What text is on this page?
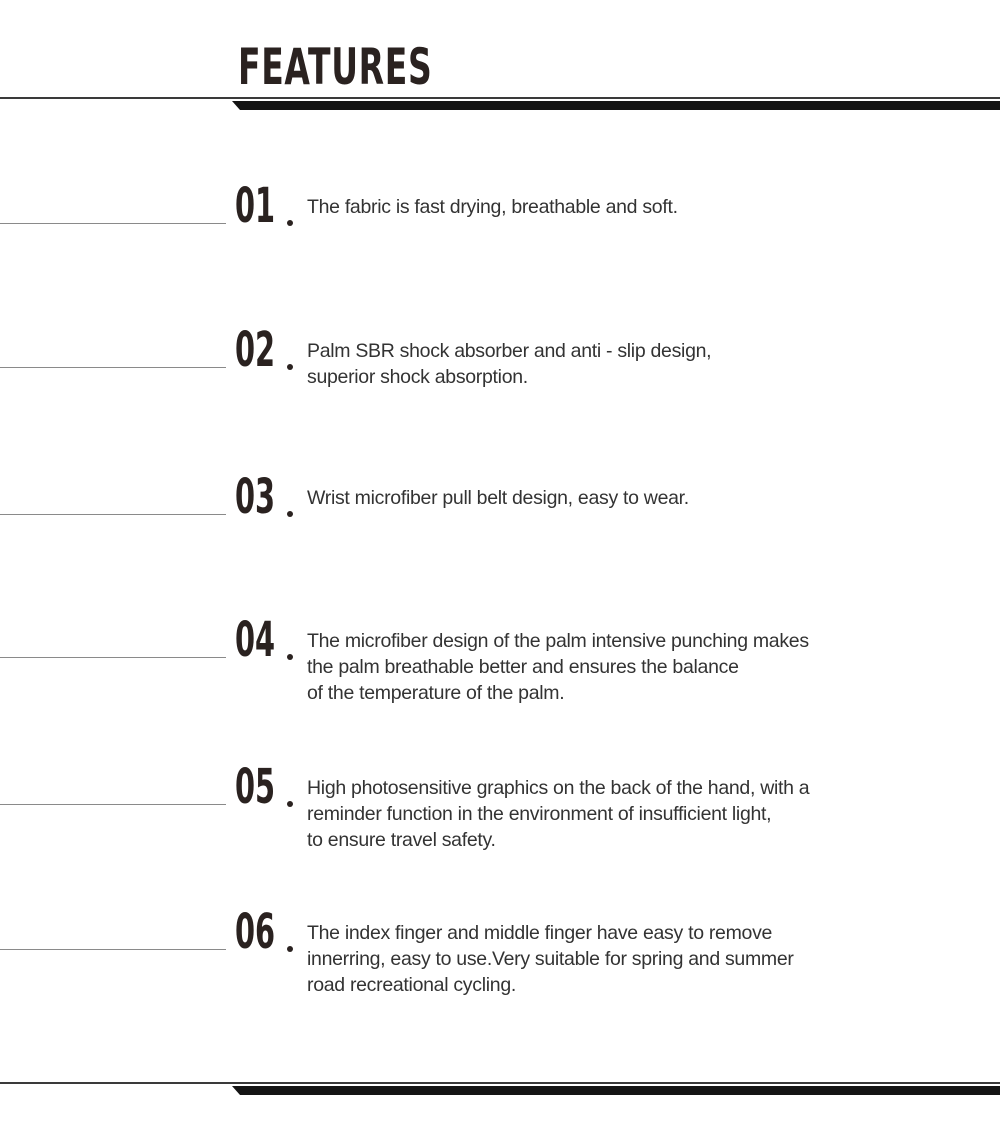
FEATURES
01 The fabric is fast drying, breathable and soft.
02 Palm SBR shock absorber and anti - slip design,
superior shock absorption.
03 Wrist microfiber pull belt design, easy to wear.
04 The microfiber design of the palm intensive punching makes
the palm breathable better and ensures the balance
of the temperature of the palm.
05 High photosensitive graphics on the back of the hand, with a
reminder function in the environment of insufficient light,
to ensure travel safety.
06 The index finger and middle finger have easy to remove
innerring, easy to use.Very suitable for spring and summer
road recreational cycling.
